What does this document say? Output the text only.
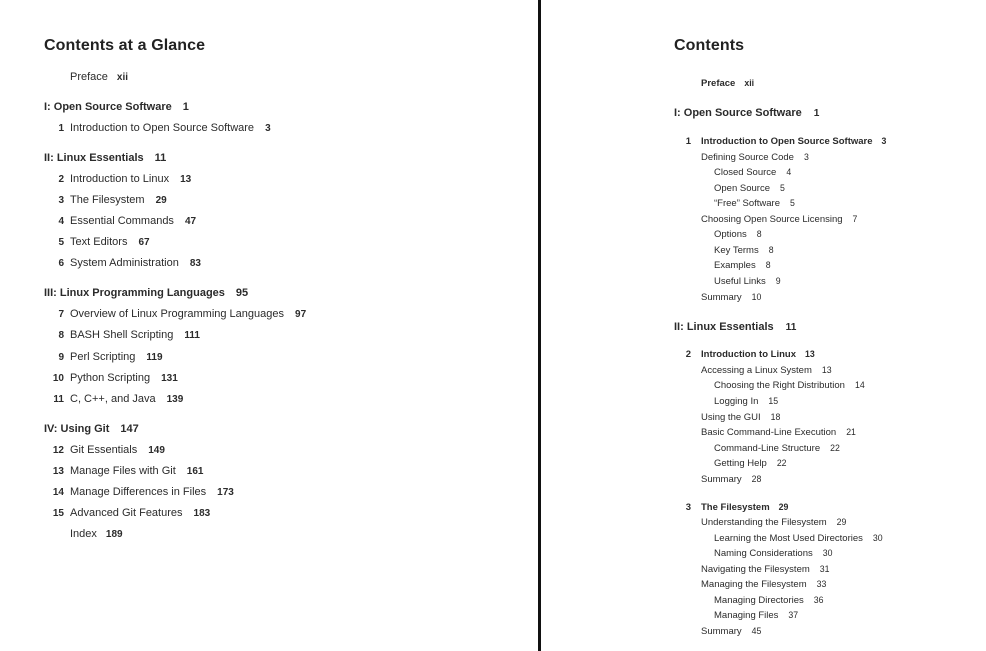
Contents at a Glance
Preface xii
I: Open Source Software 1
1 Introduction to Open Source Software 3
II: Linux Essentials 11
2 Introduction to Linux 13
3 The Filesystem 29
4 Essential Commands 47
5 Text Editors 67
6 System Administration 83
III: Linux Programming Languages 95
7 Overview of Linux Programming Languages 97
8 BASH Shell Scripting 111
9 Perl Scripting 119
10 Python Scripting 131
11 C, C++, and Java 139
IV: Using Git 147
12 Git Essentials 149
13 Manage Files with Git 161
14 Manage Differences in Files 173
15 Advanced Git Features 183
Index 189
Contents
Preface xii
I: Open Source Software 1
1 Introduction to Open Source Software 3
Defining Source Code 3
Closed Source 4
Open Source 5
“Free” Software 5
Choosing Open Source Licensing 7
Options 8
Key Terms 8
Examples 8
Useful Links 9
Summary 10
II: Linux Essentials 11
2 Introduction to Linux 13
Accessing a Linux System 13
Choosing the Right Distribution 14
Logging In 15
Using the GUI 18
Basic Command-Line Execution 21
Command-Line Structure 22
Getting Help 22
Summary 28
3 The Filesystem 29
Understanding the Filesystem 29
Learning the Most Used Directories 30
Naming Considerations 30
Navigating the Filesystem 31
Managing the Filesystem 33
Managing Directories 36
Managing Files 37
Summary 45
